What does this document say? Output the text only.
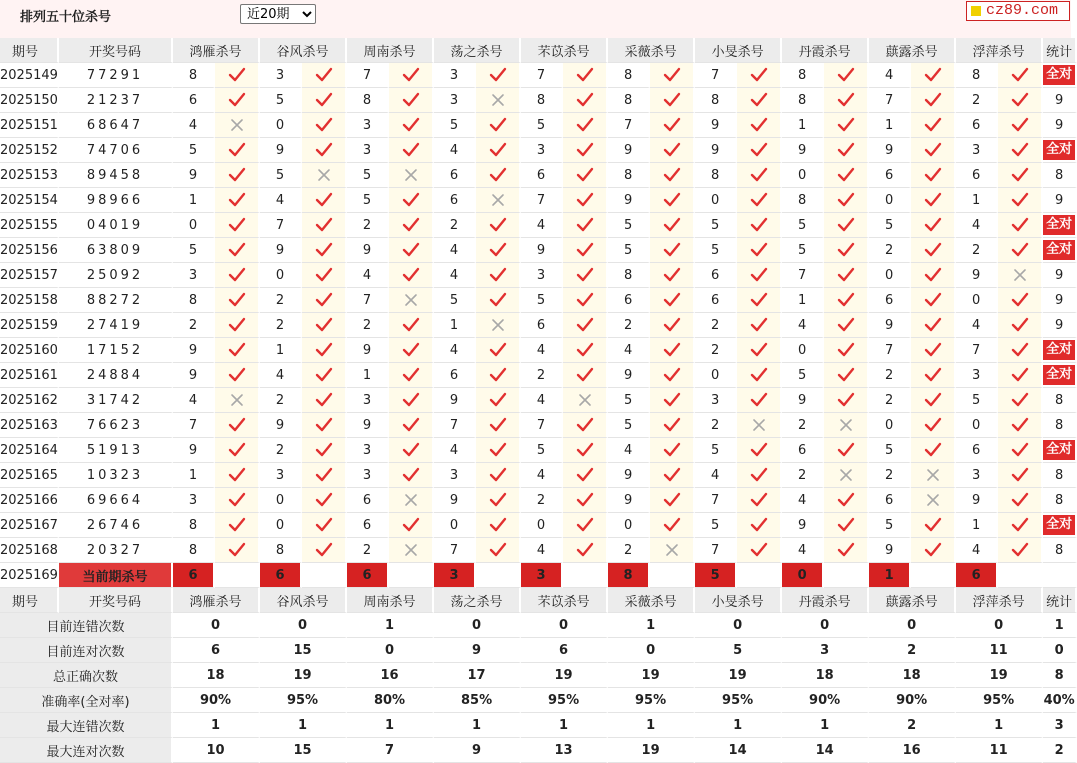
排列五十位杀号
近20期	cz89.com
期号	开奖号码	鸿雁杀号		谷风杀号		周南杀号		荡之杀号		芣苡杀号		采薇杀号		小旻杀号		丹霞杀号		蕻露杀号		浮萍杀号		统计
2025149	77291	8		3		7		3		7		8		7		8		4		8		全对

2025150	21237	6		5		8		3		8		8		8		8		7		2		9
2025151	68647	4		0		3		5		5		7		9		1		1		6		9
2025152	74706	5		9		3		4		3		9		9		9		9		3		全对

2025153	89458	9		5		5		6		6		8		8		0		6		6		8
2025154	98966	1		4		5		6		7		9		0		8		0		1		9
2025155	04019	0		7		2		2		4		5		5		5		5		4		全对

2025156	63809	5		9		9		4		9		5		5		5		2		2		全对

2025157	25092	3		0		4		4		3		8		6		7		0		9		9
2025158	88272	8		2		7		5		5		6		6		1		6		0		9
2025159	27419	2		2		2		1		6		2		2		4		9		4		9
2025160	17152	9		1		9		4		4		4		2		0		7		7		全对

2025161	24884	9		4		1		6		2		9		0		5		2		3		全对

2025162	31742	4		2		3		9		4		5		3		9		2		5		8
2025163	76623	7		9		9		7		7		5		2		2		0		0		8
2025164	51913	9		2		3		4		5		4		5		6		5		6		全对

2025165	10323	1		3		3		3		4		9		4		2		2		3		8
2025166	69664	3		0		6		9		2		9		7		4		6		9		8
2025167	26746	8		0		6		0		0		0		5		9		5		1		全对

2025168	20327	8		8		2		7		4		2		7		4		9		4		8
2025169	当前期杀号	6		6		6		3		3		8		5		0		1		6		
期号	开奖号码	鸿雁杀号		谷风杀号		周南杀号		荡之杀号		芣苡杀号		采薇杀号		小旻杀号		丹霞杀号		蕻露杀号		浮萍杀号		统计
目前连错次数		0		0		1		0		0		1		0		0		0		0		1
目前连对次数		6		15		0		9		6		0		5		3		2		11		0
总正确次数		18		19		16		17		19		19		19		18		18		19		8
准确率(全对率)		90%		95%		80%		85%		95%		95%		95%		90%		90%		95%		40%
最大连错次数		1		1		1		1		1		1		1		1		2		1		3
最大连对次数		10		15		7		9		13		19		14		14		16		11		2
